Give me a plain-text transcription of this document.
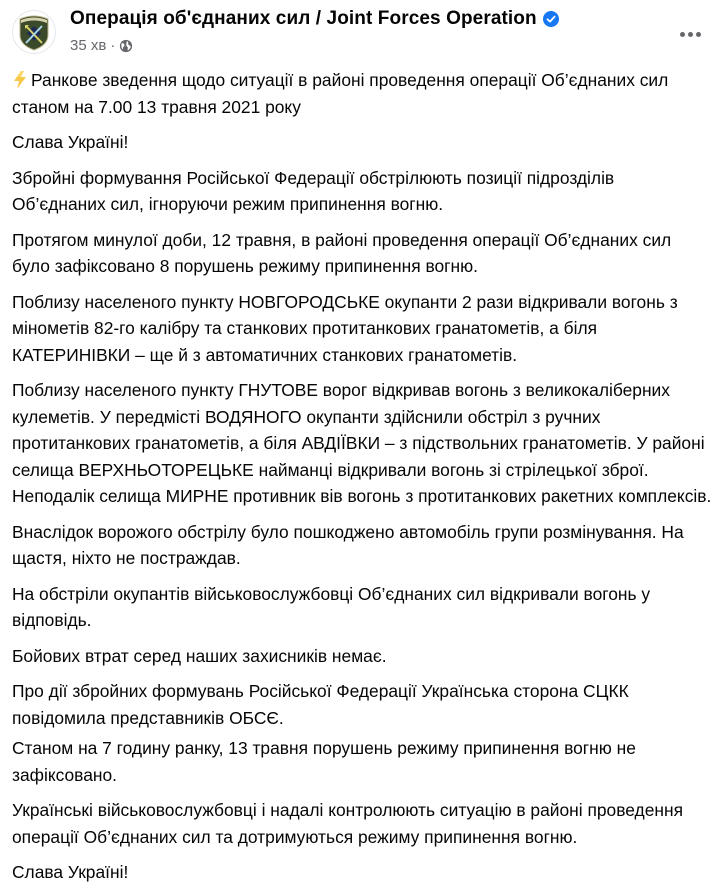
Операція об'єднаних сил / Joint Forces Operation
35 хв ·

Ранкове зведення щодо ситуації в районі проведення операції Об’єднаних сил станом на 7.00 13 травня 2021 року

Слава Україні!

Збройні формування Російської Федерації обстрілюють позиції підрозділів Об’єднаних сил, ігноруючи режим припинення вогню.

Протягом минулої доби, 12 травня, в районі проведення операції Об’єднаних сил було зафіксовано 8 порушень режиму припинення вогню.

Поблизу населеного пункту НОВГОРОДСЬКЕ окупанти 2 рази відкривали вогонь з мінометів 82-го калібру та станкових протитанкових гранатометів, а біля КАТЕРИНІВКИ – ще й з автоматичних станкових гранатометів.

Поблизу населеного пункту ГНУТОВЕ ворог відкривав вогонь з великокаліберних кулеметів. У передмісті ВОДЯНОГО окупанти здійснили обстріл з ручних протитанкових гранатометів, а біля АВДІЇВКИ – з підствольних гранатометів. У районі селища ВЕРХНЬОТОРЕЦЬКЕ найманці відкривали вогонь зі стрілецької зброї. Неподалік селища МИРНЕ противник вів вогонь з протитанкових ракетних комплексів.

Внаслідок ворожого обстрілу було пошкоджено автомобіль групи розмінування. На щастя, ніхто не постраждав.

На обстріли окупантів військовослужбовці Об’єднаних сил відкривали вогонь у відповідь.

Бойових втрат серед наших захисників немає.

Про дії збройних формувань Російської Федерації Українська сторона СЦКК повідомила представників ОБСЄ.

Станом на 7 годину ранку, 13 травня порушень режиму припинення вогню не зафіксовано.

Українські військовослужбовці і надалі контролюють ситуацію в районі проведення операції Об’єднаних сил та дотримуються режиму припинення вогню.

Слава Україні!
